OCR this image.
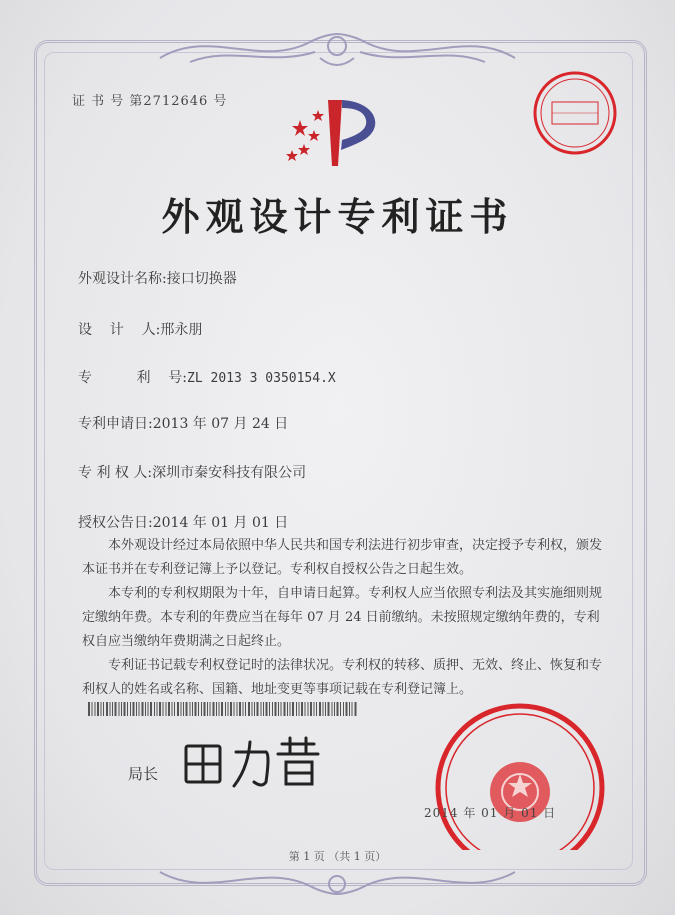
证 书 号 第2712646 号
外观设计专利证书
外观设计名称:接口切换器
设    计    人:邢永朋
专          利    号:ZL 2013 3 0350154.X
专利申请日:2013 年 07 月 24 日
专 利 权 人:深圳市秦安科技有限公司
授权公告日:2014 年 01 月 01 日

本外观设计经过本局依照中华人民共和国专利法进行初步审查，决定授予专利权，颁发本证书并在专利登记簿上予以登记。专利权自授权公告之日起生效。

本专利的专利权期限为十年，自申请日起算。专利权人应当依照专利法及其实施细则规定缴纳年费。本专利的年费应当在每年 07 月 24 日前缴纳。未按照规定缴纳年费的，专利权自应当缴纳年费期满之日起终止。

专利证书记载专利权登记时的法律状况。专利权的转移、质押、无效、终止、恢复和专利权人的姓名或名称、国籍、地址变更等事项记载在专利登记簿上。

局长
2014 年 01 月 01 日
第 1 页 （共 1 页）
